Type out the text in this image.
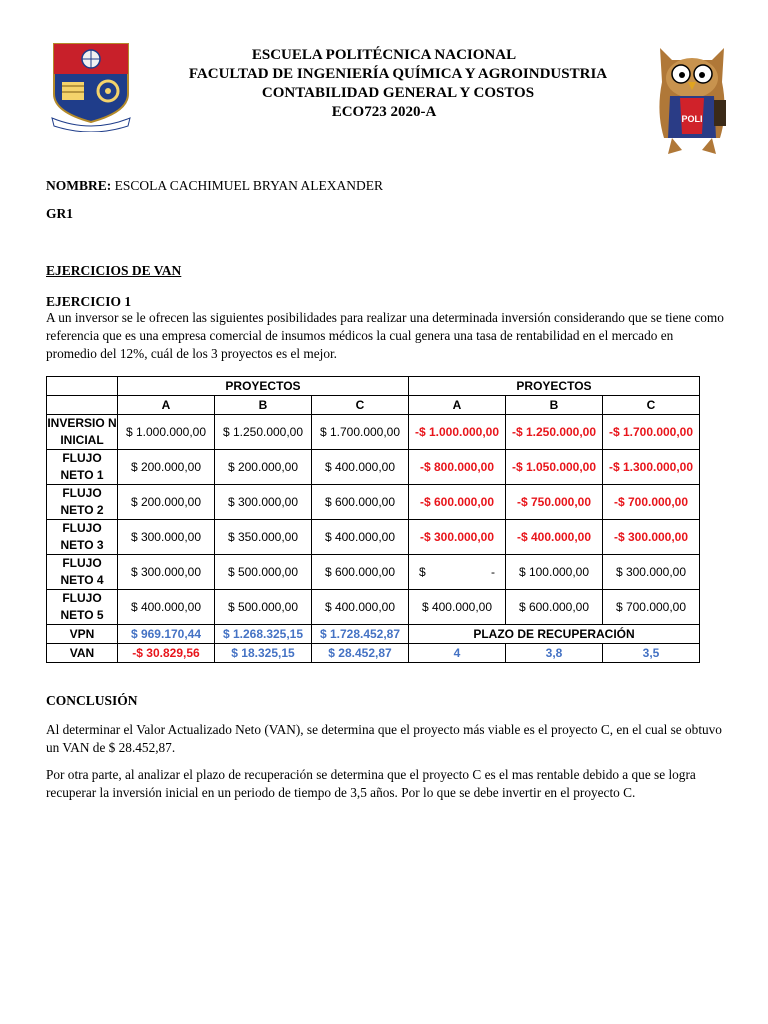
POLI
ESCUELA POLITÉCNICA NACIONAL
FACULTAD DE INGENIERÍA QUÍMICA Y AGROINDUSTRIA
CONTABILIDAD GENERAL Y COSTOS
ECO723 2020-A
NOMBRE: ESCOLA CACHIMUEL BRYAN ALEXANDER
GR1
EJERCICIOS DE VAN
EJERCICIO 1
A un inversor se le ofrecen las siguientes posibilidades para realizar una determinada inversión considerando que se tiene como referencia que es una empresa comercial de insumos médicos la cual genera una tasa de rentabilidad en el mercado en promedio del 12%, cuál de los 3 proyectos es el mejor.
	PROYECTOS			PROYECTOS		
	A	B	C	A	B	C
INVERSIO N INICIAL	$ 1.000.000,00	$ 1.250.000,00	$ 1.700.000,00	-$ 1.000.000,00	-$ 1.250.000,00	-$ 1.700.000,00
FLUJO NETO 1	$ 200.000,00	$ 200.000,00	$ 400.000,00	-$ 800.000,00	-$ 1.050.000,00	-$ 1.300.000,00
FLUJO NETO 2	$ 200.000,00	$ 300.000,00	$ 600.000,00	-$ 600.000,00	-$ 750.000,00	-$ 700.000,00
FLUJO NETO 3	$ 300.000,00	$ 350.000,00	$ 400.000,00	-$ 300.000,00	-$ 400.000,00	-$ 300.000,00
FLUJO NETO 4	$ 300.000,00	$ 500.000,00	$ 600.000,00	$ -	$ 100.000,00	$ 300.000,00
FLUJO NETO 5	$ 400.000,00	$ 500.000,00	$ 400.000,00	$ 400.000,00	$ 600.000,00	$ 700.000,00
VPN	$ 969.170,44	$ 1.268.325,15	$ 1.728.452,87	PLAZO DE RECUPERACIÓN		
VAN	-$ 30.829,56	$ 18.325,15	$ 28.452,87	4	3,8	3,5
CONCLUSIÓN
Al determinar el Valor Actualizado Neto (VAN), se determina que el proyecto más viable es el proyecto C, en el cual se obtuvo un VAN de $ 28.452,87.
Por otra parte, al analizar el plazo de recuperación se determina que el proyecto C es el mas rentable debido a que se logra recuperar la inversión inicial en un periodo de tiempo de 3,5 años. Por lo que se debe invertir en el proyecto C.
